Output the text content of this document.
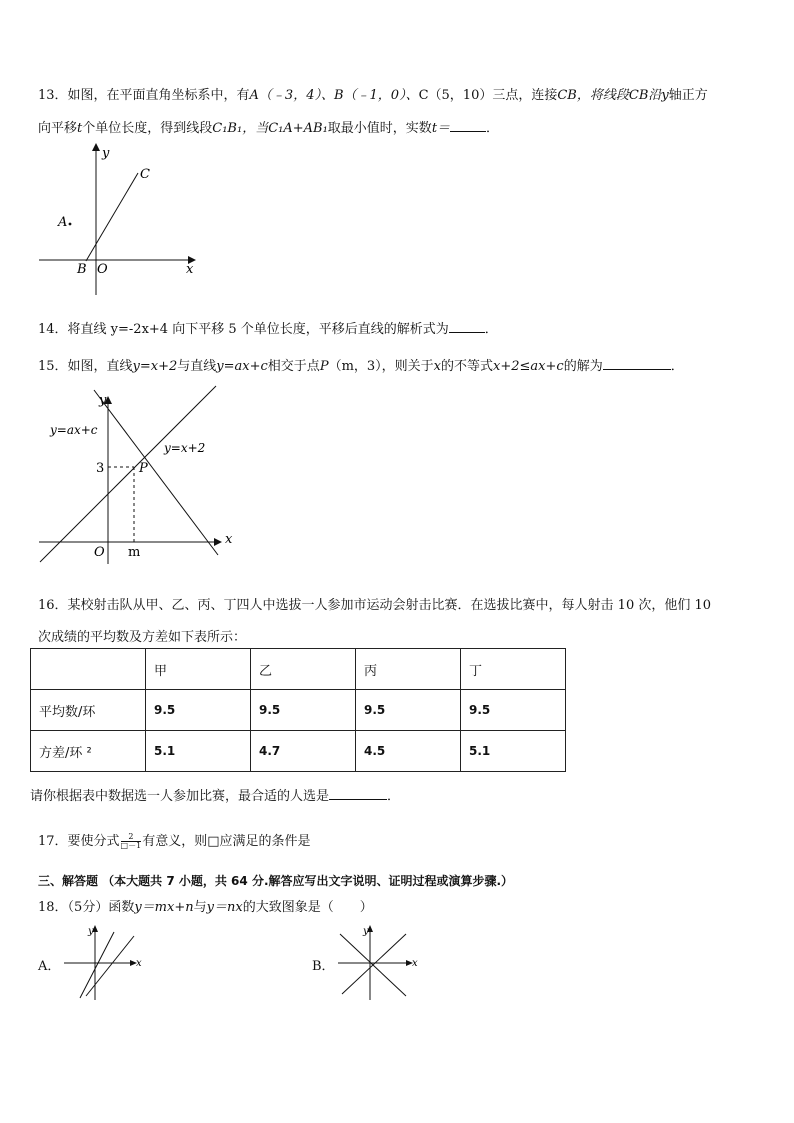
13．如图，在平面直角坐标系中，有A（﹣3，4）、B（﹣1，0）、C（5，10）三点，连接CB，将线段CB沿y轴正方
向平移t个单位长度，得到线段C₁B₁，当C₁A+AB₁取最小值时，实数t＝	．
y
x
C
A
B O
14．将直线 y=-2x+4 向下平移 5 个单位长度，平移后直线的解析式为	．
15．如图，直线y=x+2与直线y=ax+c相交于点P（m，3），则关于x的不等式x+2≤ax+c的解为	．
y
x
y=ax+c
y=x+2
3	P
O m
16．某校射击队从甲、乙、丙、丁四人中选拔一人参加市运动会射击比赛．在选拔比赛中，每人射击 10 次，他们 10
次成绩的平均数及方差如下表所示：
	甲	乙	丙	丁
平均数/环	9.5	9.5	9.5	9.5
方差/环 ²	5.1	4.7	4.5	5.1
请你根据表中数据选一人参加比赛，最合适的人选是	．
17．要使分式 $\frac{2}{□-1}$ 有意义，则□应满足的条件是
三、解答题 （本大题共 7 小题，共 64 分.解答应写出文字说明、证明过程或演算步骤.）
18．（5分）函数y＝mx+n与y＝nx的大致图象是（　　）
A．
y
x	B．
y
x
